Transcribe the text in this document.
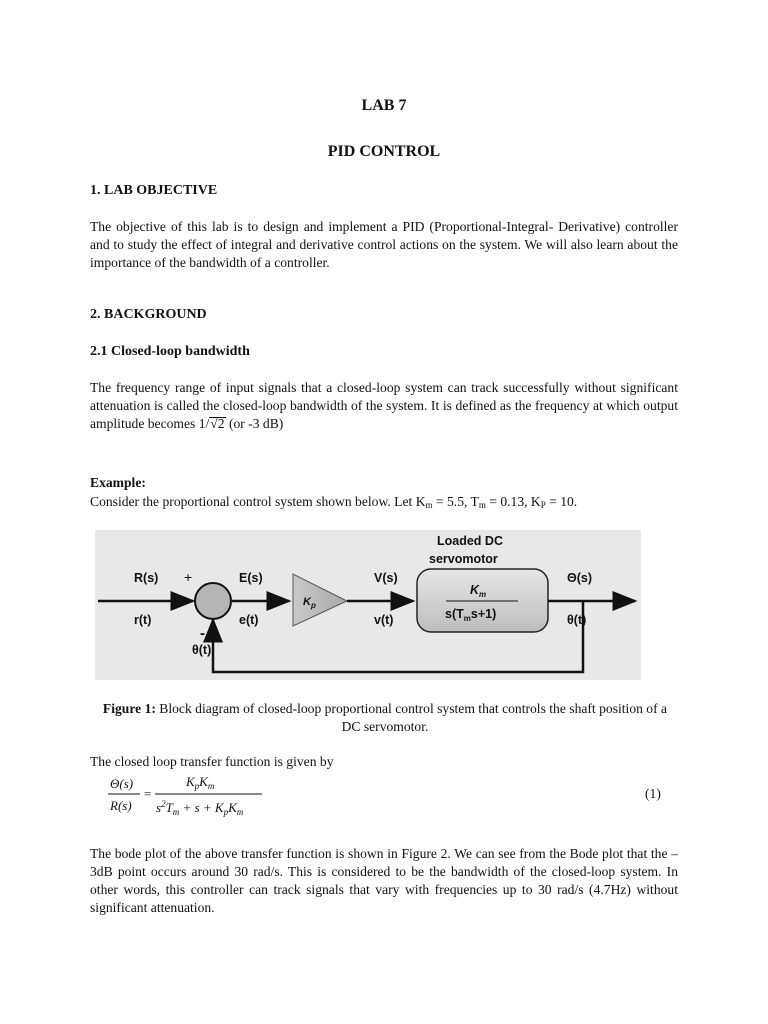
LAB 7
PID CONTROL
1. LAB OBJECTIVE
The objective of this lab is to design and implement a PID (Proportional-Integral- Derivative) controller and to study the effect of integral and derivative control actions on the system. We will also learn about the importance of the bandwidth of a controller.
2. BACKGROUND
2.1 Closed-loop bandwidth
The frequency range of input signals that a closed-loop system can track successfully without significant attenuation is called the closed-loop bandwidth of the system. It is defined as the frequency at which output amplitude becomes 1/√2 (or -3 dB)
Example:
Consider the proportional control system shown below. Let $K_m = 5.5$, $T_m = 0.13$, $K_P = 10$.
Loaded DC
servomotor
R(s)
r(t)
+
-
E(s)
e(t)
V(s)
v(t)
Θ(s)
θ(t)
θ(t)
$K_p$
$K_m$
$s(T_ms+1)$
Figure 1: Block diagram of closed-loop proportional control system that controls the shaft position of a DC servomotor.
The closed loop transfer function is given by
Θ(s)
R(s)
=
$K_pK_m$
$s^2T_m + s + K_pK_m$
(1)
The bode plot of the above transfer function is shown in Figure 2. We can see from the Bode plot that the –3dB point occurs around 30 rad/s. This is considered to be the bandwidth of the closed-loop system. In other words, this controller can track signals that vary with frequencies up to 30 rad/s (4.7Hz) without significant attenuation.
